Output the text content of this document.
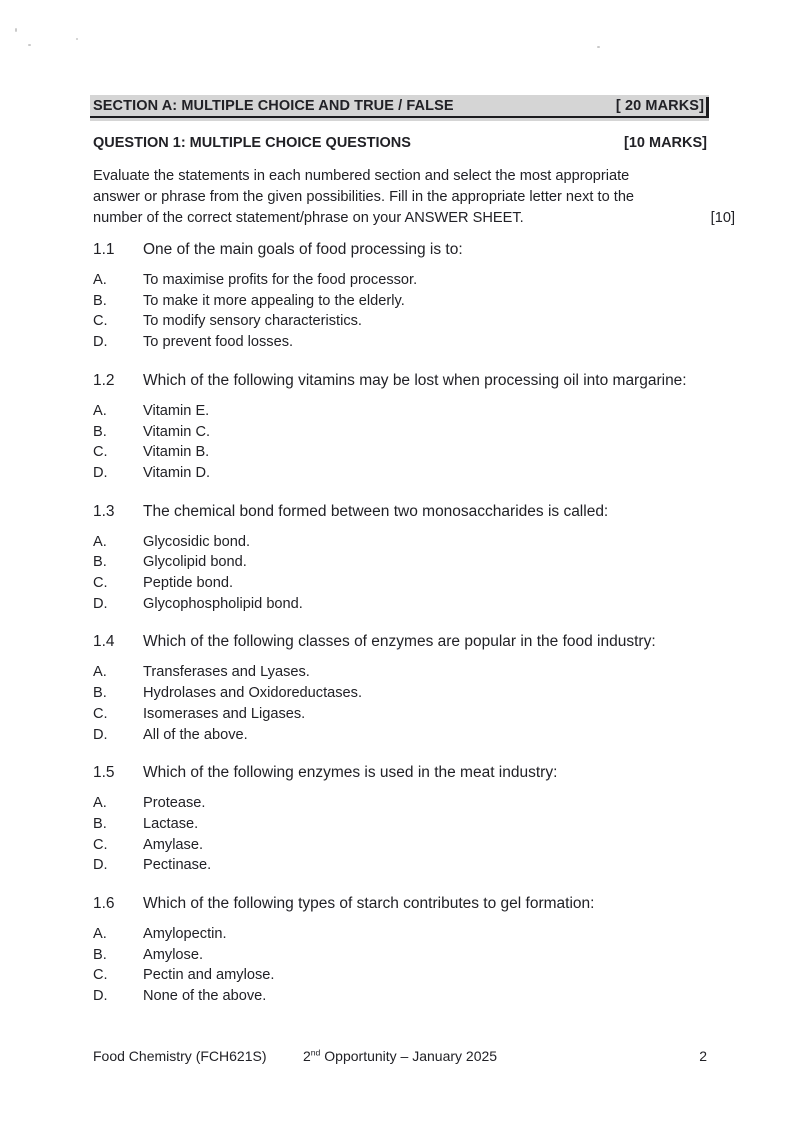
SECTION A: MULTIPLE CHOICE AND TRUE / FALSE	[ 20 MARKS]
QUESTION 1: MULTIPLE CHOICE QUESTIONS	[10 MARKS]
Evaluate the statements in each numbered section and select the most appropriate answer or phrase from the given possibilities. Fill in the appropriate letter next to the number of the correct statement/phrase on your ANSWER SHEET.	[10]
1.1 One of the main goals of food processing is to:
A. To maximise profits for the food processor.
B. To make it more appealing to the elderly.
C. To modify sensory characteristics.
D. To prevent food losses.
1.2 Which of the following vitamins may be lost when processing oil into margarine:
A. Vitamin E.
B. Vitamin C.
C. Vitamin B.
D. Vitamin D.
1.3 The chemical bond formed between two monosaccharides is called:
A. Glycosidic bond.
B. Glycolipid bond.
C. Peptide bond.
D. Glycophospholipid bond.
1.4 Which of the following classes of enzymes are popular in the food industry:
A. Transferases and Lyases.
B. Hydrolases and Oxidoreductases.
C. Isomerases and Ligases.
D. All of the above.
1.5 Which of the following enzymes is used in the meat industry:
A. Protease.
B. Lactase.
C. Amylase.
D. Pectinase.
1.6 Which of the following types of starch contributes to gel formation:
A. Amylopectin.
B. Amylose.
C. Pectin and amylose.
D. None of the above.
Food Chemistry (FCH621S)	2nd Opportunity – January 2025	2
